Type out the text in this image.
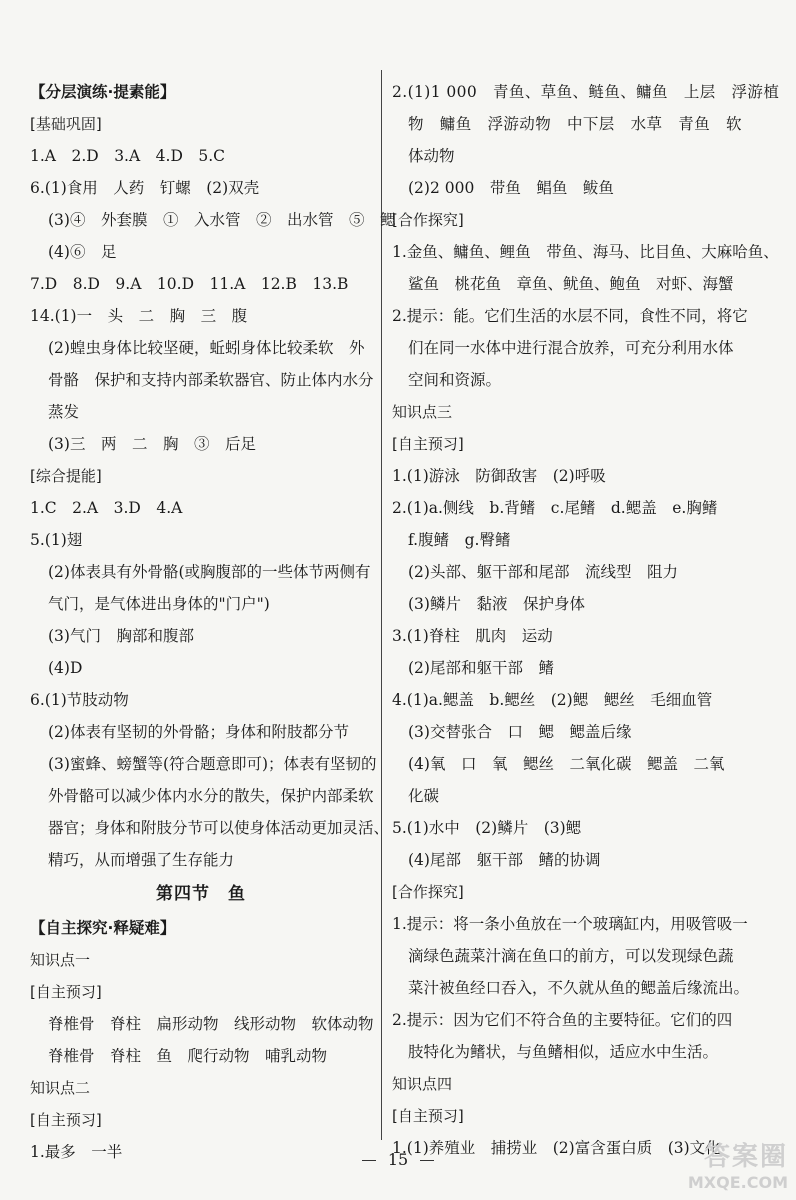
【分层演练·提素能】
[基础巩固]
1.A　2.D　3.A　4.D　5.C
6.(1)食用　人药　钉螺　(2)双壳
(3)④　外套膜　①　入水管　②　出水管　⑤　鳃
(4)⑥　足
7.D　8.D　9.A　10.D　11.A　12.B　13.B
14.(1)一　头　二　胸　三　腹
(2)蝗虫身体比较坚硬，蚯蚓身体比较柔软　外
骨骼　保护和支持内部柔软器官、防止体内水分
蒸发
(3)三　两　二　胸　③　后足
[综合提能]
1.C　2.A　3.D　4.A
5.(1)翅
(2)体表具有外骨骼(或胸腹部的一些体节两侧有
气门，是气体进出身体的"门户")
(3)气门　胸部和腹部
(4)D
6.(1)节肢动物
(2)体表有坚韧的外骨骼；身体和附肢都分节
(3)蜜蜂、螃蟹等(符合题意即可)；体表有坚韧的
外骨骼可以减少体内水分的散失，保护内部柔软
器官；身体和附肢分节可以使身体活动更加灵活、
精巧，从而增强了生存能力
第四节　鱼
【自主探究·释疑难】
知识点一
[自主预习]
脊椎骨　脊柱　扁形动物　线形动物　软体动物
脊椎骨　脊柱　鱼　爬行动物　哺乳动物
知识点二
[自主预习]
1.最多　一半
2.(1)1 000　青鱼、草鱼、鲢鱼、鳙鱼　上层　浮游植
物　鳙鱼　浮游动物　中下层　水草　青鱼　软
体动物
(2)2 000　带鱼　鲳鱼　鲅鱼
[合作探究]
1.金鱼、鳙鱼、鲤鱼　带鱼、海马、比目鱼、大麻哈鱼、
鲨鱼　桃花鱼　章鱼、鱿鱼、鲍鱼　对虾、海蟹
2.提示：能。它们生活的水层不同，食性不同，将它
们在同一水体中进行混合放养，可充分利用水体
空间和资源。
知识点三
[自主预习]
1.(1)游泳　防御敌害　(2)呼吸
2.(1)a.侧线　b.背鳍　c.尾鳍　d.鳃盖　e.胸鳍
f.腹鳍　g.臀鳍
(2)头部、躯干部和尾部　流线型　阻力
(3)鳞片　黏液　保护身体
3.(1)脊柱　肌肉　运动
(2)尾部和躯干部　鳍
4.(1)a.鳃盖　b.鳃丝　(2)鳃　鳃丝　毛细血管
(3)交替张合　口　鳃　鳃盖后缘
(4)氧　口　氧　鳃丝　二氧化碳　鳃盖　二氧
化碳
5.(1)水中　(2)鳞片　(3)鳃
(4)尾部　躯干部　鳍的协调
[合作探究]
1.提示：将一条小鱼放在一个玻璃缸内，用吸管吸一
滴绿色蔬菜汁滴在鱼口的前方，可以发现绿色蔬
菜汁被鱼经口吞入，不久就从鱼的鳃盖后缘流出。
2.提示：因为它们不符合鱼的主要特征。它们的四
肢特化为鳍状，与鱼鳍相似，适应水中生活。
知识点四
[自主预习]
1.(1)养殖业　捕捞业　(2)富含蛋白质　(3)文化
15	答案圈
MXQE.COM
